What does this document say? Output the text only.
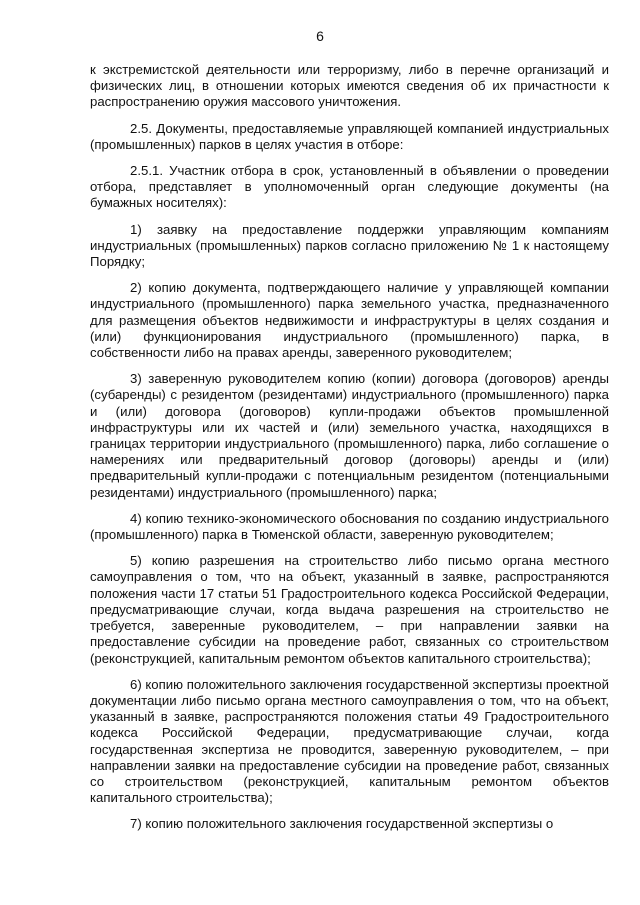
6

к экстремистской деятельности или терроризму, либо в перечне организаций и физических лиц, в отношении которых имеются сведения об их причастности к распространению оружия массового уничтожения.

2.5. Документы, предоставляемые управляющей компанией индустриальных (промышленных) парков в целях участия в отборе:

2.5.1. Участник отбора в срок, установленный в объявлении о проведении отбора, представляет в уполномоченный орган следующие документы (на бумажных носителях):

1) заявку на предоставление поддержки управляющим компаниям индустриальных (промышленных) парков согласно приложению № 1 к настоящему Порядку;

2) копию документа, подтверждающего наличие у управляющей компании индустриального (промышленного) парка земельного участка, предназначенного для размещения объектов недвижимости и инфраструктуры в целях создания и (или) функционирования индустриального (промышленного) парка, в собственности либо на правах аренды, заверенного руководителем;

3) заверенную руководителем копию (копии) договора (договоров) аренды (субаренды) с резидентом (резидентами) индустриального (промышленного) парка и (или) договора (договоров) купли-продажи объектов промышленной инфраструктуры или их частей и (или) земельного участка, находящихся в границах территории индустриального (промышленного) парка, либо соглашение о намерениях или предварительный договор (договоры) аренды и (или) предварительный купли-продажи с потенциальным резидентом (потенциальными резидентами) индустриального (промышленного) парка;

4) копию технико-экономического обоснования по созданию индустриального (промышленного) парка в Тюменской области, заверенную руководителем;

5) копию разрешения на строительство либо письмо органа местного самоуправления о том, что на объект, указанный в заявке, распространяются положения части 17 статьи 51 Градостроительного кодекса Российской Федерации, предусматривающие случаи, когда выдача разрешения на строительство не требуется, заверенные руководителем, – при направлении заявки на предоставление субсидии на проведение работ, связанных со строительством (реконструкцией, капитальным ремонтом объектов капитального строительства);

6) копию положительного заключения государственной экспертизы проектной документации либо письмо органа местного самоуправления о том, что на объект, указанный в заявке, распространяются положения статьи 49 Градостроительного кодекса Российской Федерации, предусматривающие случаи, когда государственная экспертиза не проводится, заверенную руководителем, – при направлении заявки на предоставление субсидии на проведение работ, связанных со строительством (реконструкцией, капитальным ремонтом объектов капитального строительства);

7) копию положительного заключения государственной экспертизы о
